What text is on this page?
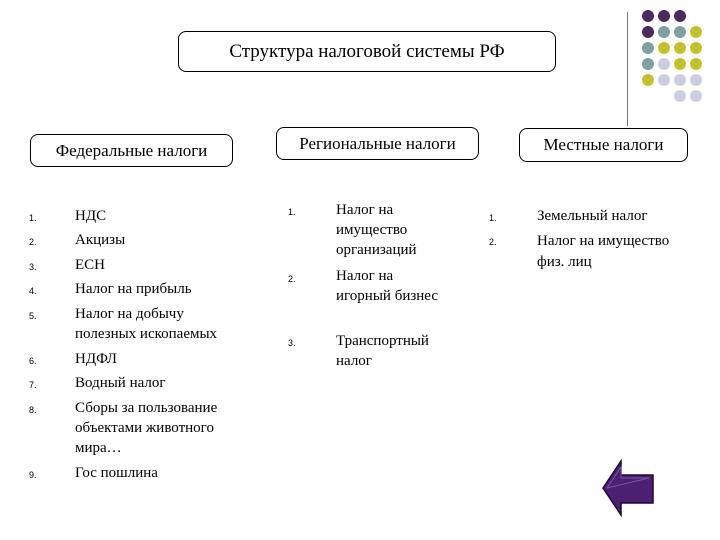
Структура налоговой системы РФ
Федеральные налоги	Региональные налоги	Местные налоги
1.	НДС
2.	Акцизы
3.	ЕСН
4.	Налог на прибыль
5.	Налог на добычу полезных ископаемых
6.	НДФЛ
7.	Водный налог
8.	Сборы за пользование объектами животного мира…
9.	Гос пошлина
1.	Налог на имущество организаций
2.	Налог на игорный бизнес
3.	Транспортный налог
1.	Земельный налог
2.	Налог на имущество физ. лиц
